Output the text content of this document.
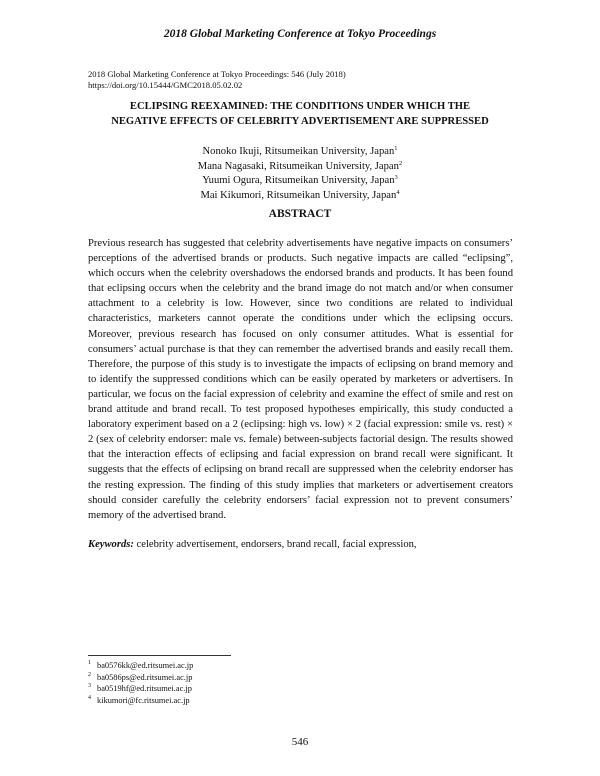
2018 Global Marketing Conference at Tokyo Proceedings
2018 Global Marketing Conference at Tokyo Proceedings: 546 (July 2018)
https://doi.org/10.15444/GMC2018.05.02.02
ECLIPSING REEXAMINED: THE CONDITIONS UNDER WHICH THE
NEGATIVE EFFECTS OF CELEBRITY ADVERTISEMENT ARE SUPPRESSED
Nonoko Ikuji, Ritsumeikan University, Japan$^1$
Mana Nagasaki, Ritsumeikan University, Japan$^2$
Yuumi Ogura, Ritsumeikan University, Japan$^3$
Mai Kikumori, Ritsumeikan University, Japan$^4$
ABSTRACT
Previous research has suggested that celebrity advertisements have negative impacts on consumers’ perceptions of the advertised brands or products. Such negative impacts are called “eclipsing”, which occurs when the celebrity overshadows the endorsed brands and products. It has been found that eclipsing occurs when the celebrity and the brand image do not match and/or when consumer attachment to a celebrity is low. However, since two conditions are related to individual characteristics, marketers cannot operate the conditions under which the eclipsing occurs. Moreover, previous research has focused on only consumer attitudes. What is essential for consumers’ actual purchase is that they can remember the advertised brands and easily recall them. Therefore, the purpose of this study is to investigate the impacts of eclipsing on brand memory and to identify the suppressed conditions which can be easily operated by marketers or advertisers. In particular, we focus on the facial expression of celebrity and examine the effect of smile and rest on brand attitude and brand recall. To test proposed hypotheses empirically, this study conducted a laboratory experiment based on a 2 (eclipsing: high vs. low) × 2 (facial expression: smile vs. rest) × 2 (sex of celebrity endorser: male vs. female) between-subjects factorial design. The results showed that the interaction effects of eclipsing and facial expression on brand recall were significant. It suggests that the effects of eclipsing on brand recall are suppressed when the celebrity endorser has the resting expression. The finding of this study implies that marketers or advertisement creators should consider carefully the celebrity endorsers’ facial expression not to prevent consumers’ memory of the advertised brand.
Keywords: celebrity advertisement, endorsers, brand recall, facial expression,
1 ba0576kk@ed.ritsumei.ac.jp
2 ba0586ps@ed.ritsumei.ac.jp
3 ba0519hf@ed.ritsumei.ac.jp
4 kikumori@fc.ritsumei.ac.jp
546
